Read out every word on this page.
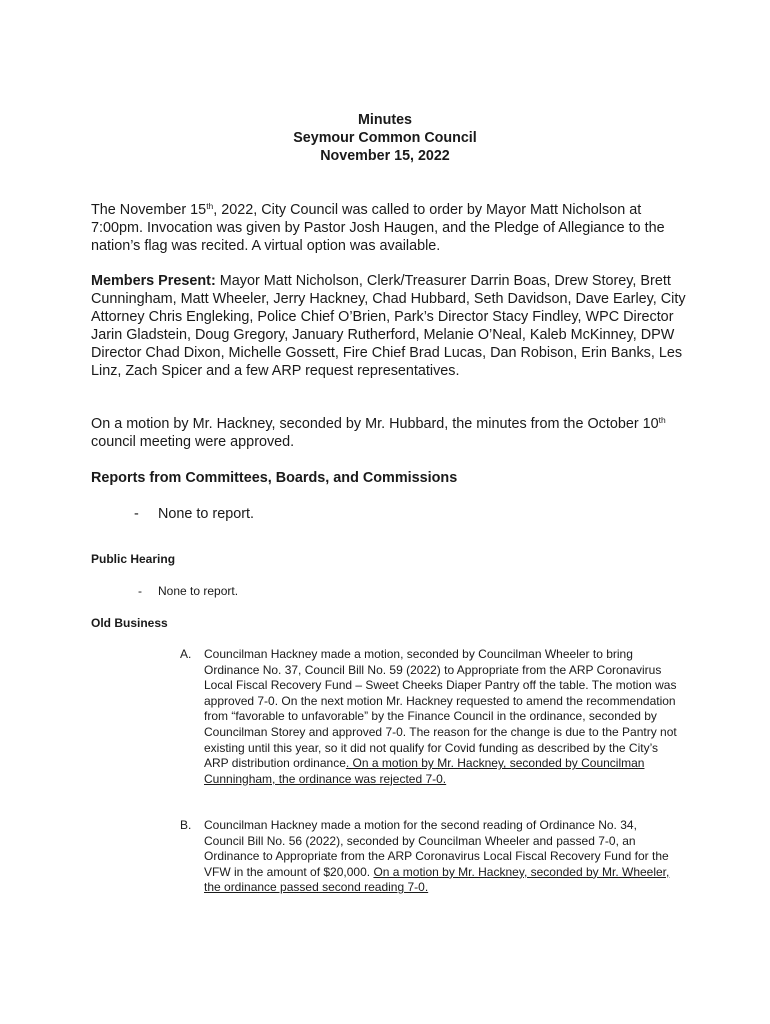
Minutes
Seymour Common Council
November 15, 2022
The November 15th, 2022, City Council was called to order by Mayor Matt Nicholson at 7:00pm. Invocation was given by Pastor Josh Haugen, and the Pledge of Allegiance to the nation’s flag was recited. A virtual option was available.
Members Present: Mayor Matt Nicholson, Clerk/Treasurer Darrin Boas, Drew Storey, Brett Cunningham, Matt Wheeler, Jerry Hackney, Chad Hubbard, Seth Davidson, Dave Earley, City Attorney Chris Engleking, Police Chief O’Brien, Park’s Director Stacy Findley, WPC Director Jarin Gladstein, Doug Gregory, January Rutherford, Melanie O’Neal, Kaleb McKinney, DPW Director Chad Dixon, Michelle Gossett, Fire Chief Brad Lucas, Dan Robison, Erin Banks, Les Linz, Zach Spicer and a few ARP request representatives.
On a motion by Mr. Hackney, seconded by Mr. Hubbard, the minutes from the October 10th council meeting were approved.
Reports from Committees, Boards, and Commissions
- None to report.
Public Hearing
- None to report.
Old Business
A. Councilman Hackney made a motion, seconded by Councilman Wheeler to bring Ordinance No. 37, Council Bill No. 59 (2022) to Appropriate from the ARP Coronavirus Local Fiscal Recovery Fund – Sweet Cheeks Diaper Pantry off the table. The motion was approved 7-0. On the next motion Mr. Hackney requested to amend the recommendation from “favorable to unfavorable” by the Finance Council in the ordinance, seconded by Councilman Storey and approved 7-0. The reason for the change is due to the Pantry not existing until this year, so it did not qualify for Covid funding as described by the City’s ARP distribution ordinance. On a motion by Mr. Hackney, seconded by Councilman Cunningham, the ordinance was rejected 7-0.
B. Councilman Hackney made a motion for the second reading of Ordinance No. 34, Council Bill No. 56 (2022), seconded by Councilman Wheeler and passed 7-0, an Ordinance to Appropriate from the ARP Coronavirus Local Fiscal Recovery Fund for the VFW in the amount of $20,000. On a motion by Mr. Hackney, seconded by Mr. Wheeler, the ordinance passed second reading 7-0.
